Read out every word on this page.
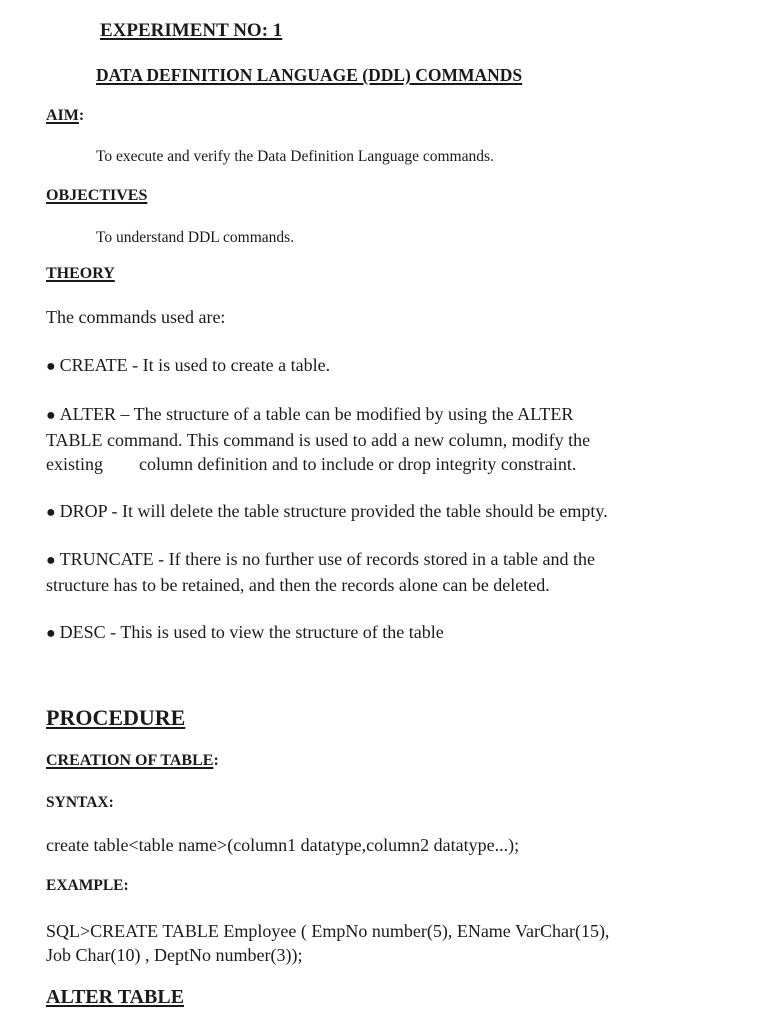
EXPERIMENT NO: 1
DATA DEFINITION LANGUAGE (DDL) COMMANDS
AIM:
To execute and verify the Data Definition Language commands.
OBJECTIVES
To understand DDL commands.
THEORY
The commands used are:
● CREATE - It is used to create a table.
● ALTER – The structure of a table can be modified by using the ALTER
TABLE command. This command is used to add a new column, modify the
existing column definition and to include or drop integrity constraint.
● DROP - It will delete the table structure provided the table should be empty.
● TRUNCATE - If there is no further use of records stored in a table and the
structure has to be retained, and then the records alone can be deleted.
● DESC - This is used to view the structure of the table
PROCEDURE
CREATION OF TABLE:
SYNTAX:
create table<table name>(column1 datatype,column2 datatype...);
EXAMPLE:
SQL>CREATE TABLE Employee ( EmpNo number(5), EName VarChar(15),
Job Char(10) , DeptNo number(3));
ALTER TABLE
